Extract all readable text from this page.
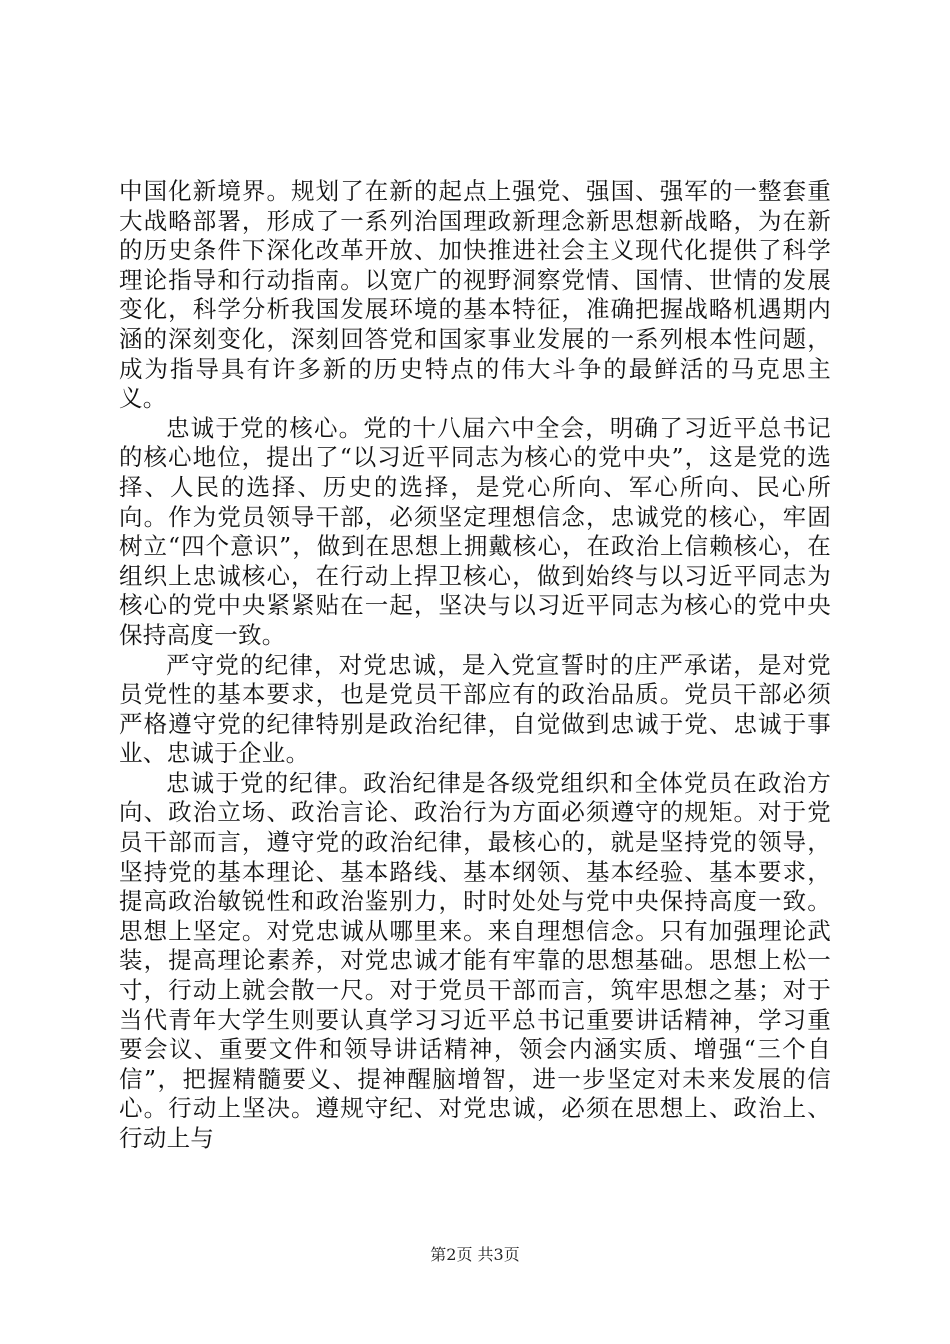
中国化新境界。规划了在新的起点上强党、强国、强军的一整套重大战略部署，形成了一系列治国理政新理念新思想新战略，为在新的历史条件下深化改革开放、加快推进社会主义现代化提供了科学理论指导和行动指南。以宽广的视野洞察党情、国情、世情的发展变化，科学分析我国发展环境的基本特征，准确把握战略机遇期内涵的深刻变化，深刻回答党和国家事业发展的一系列根本性问题，成为指导具有许多新的历史特点的伟大斗争的最鲜活的马克思主义。

忠诚于党的核心。党的十八届六中全会，明确了习近平总书记的核心地位，提出了“以习近平同志为核心的党中央”，这是党的选择、人民的选择、历史的选择，是党心所向、军心所向、民心所向。作为党员领导干部，必须坚定理想信念，忠诚党的核心，牢固树立“四个意识”，做到在思想上拥戴核心，在政治上信赖核心，在组织上忠诚核心，在行动上捍卫核心，做到始终与以习近平同志为核心的党中央紧紧贴在一起，坚决与以习近平同志为核心的党中央保持高度一致。

严守党的纪律，对党忠诚，是入党宣誓时的庄严承诺，是对党员党性的基本要求，也是党员干部应有的政治品质。党员干部必须严格遵守党的纪律特别是政治纪律，自觉做到忠诚于党、忠诚于事业、忠诚于企业。

忠诚于党的纪律。政治纪律是各级党组织和全体党员在政治方向、政治立场、政治言论、政治行为方面必须遵守的规矩。对于党员干部而言，遵守党的政治纪律，最核心的，就是坚持党的领导，坚持党的基本理论、基本路线、基本纲领、基本经验、基本要求，提高政治敏锐性和政治鉴别力，时时处处与党中央保持高度一致。思想上坚定。对党忠诚从哪里来。来自理想信念。只有加强理论武装，提高理论素养，对党忠诚才能有牢靠的思想基础。思想上松一寸，行动上就会散一尺。对于党员干部而言，筑牢思想之基；对于当代青年大学生则要认真学习习近平总书记重要讲话精神，学习重要会议、重要文件和领导讲话精神，领会内涵实质、增强“三个自信”，把握精髓要义、提神醒脑增智，进一步坚定对未来发展的信心。行动上坚决。遵规守纪、对党忠诚，必须在思想上、政治上、行动上与

第2页 共3页
